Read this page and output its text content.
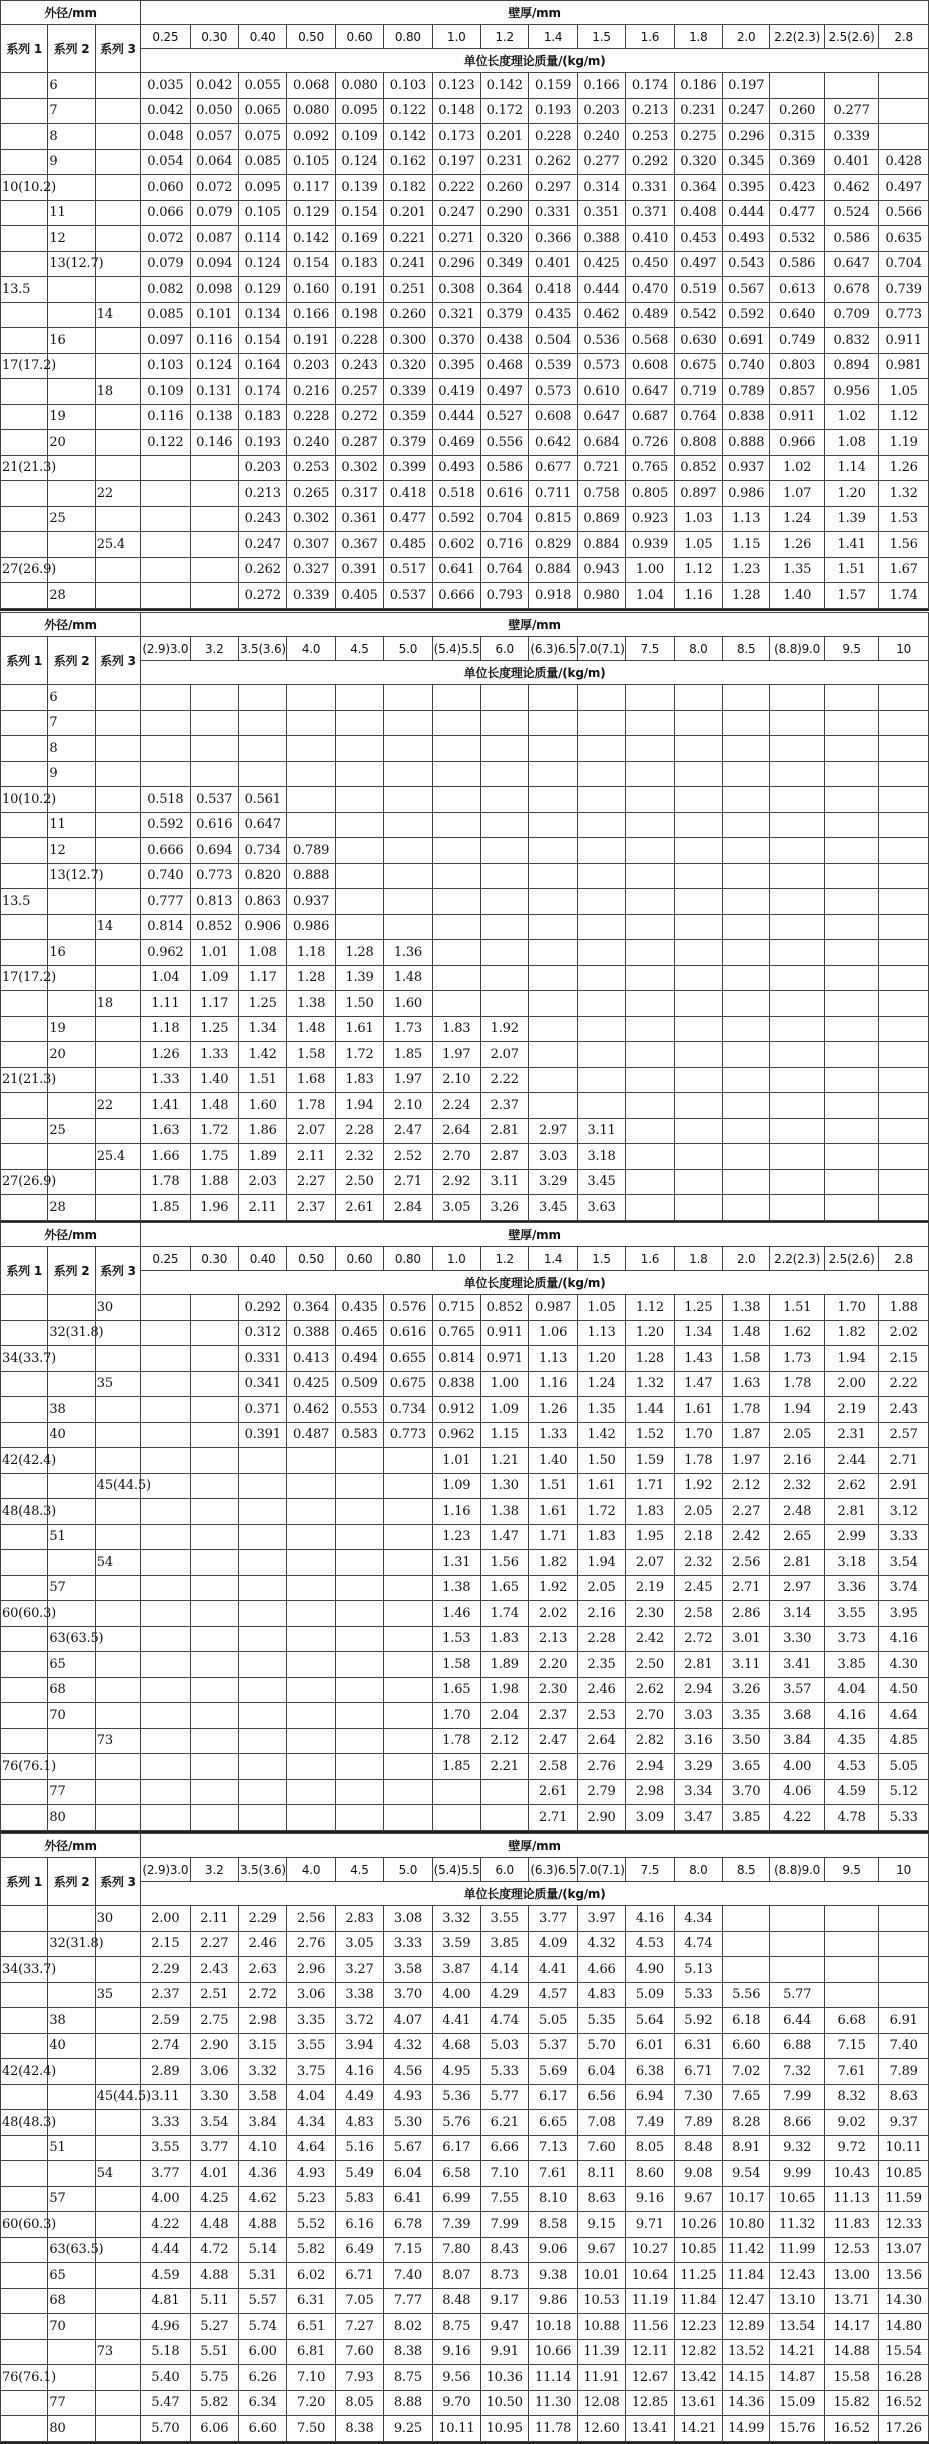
外径/mm			壁厚/mm															
系列 1	系列 2	系列 3	0.25	0.30	0.40	0.50	0.60	0.80	1.0	1.2	1.4	1.5	1.6	1.8	2.0	2.2(2.3)	2.5(2.6)	2.8
			单位长度理论质量/(kg/m)															
	6		0.035	0.042	0.055	0.068	0.080	0.103	0.123	0.142	0.159	0.166	0.174	0.186	0.197			
	7		0.042	0.050	0.065	0.080	0.095	0.122	0.148	0.172	0.193	0.203	0.213	0.231	0.247	0.260	0.277	
	8		0.048	0.057	0.075	0.092	0.109	0.142	0.173	0.201	0.228	0.240	0.253	0.275	0.296	0.315	0.339	
	9		0.054	0.064	0.085	0.105	0.124	0.162	0.197	0.231	0.262	0.277	0.292	0.320	0.345	0.369	0.401	0.428
10(10.2)			0.060	0.072	0.095	0.117	0.139	0.182	0.222	0.260	0.297	0.314	0.331	0.364	0.395	0.423	0.462	0.497
	11		0.066	0.079	0.105	0.129	0.154	0.201	0.247	0.290	0.331	0.351	0.371	0.408	0.444	0.477	0.524	0.566
	12		0.072	0.087	0.114	0.142	0.169	0.221	0.271	0.320	0.366	0.388	0.410	0.453	0.493	0.532	0.586	0.635
	13(12.7)		0.079	0.094	0.124	0.154	0.183	0.241	0.296	0.349	0.401	0.425	0.450	0.497	0.543	0.586	0.647	0.704
13.5			0.082	0.098	0.129	0.160	0.191	0.251	0.308	0.364	0.418	0.444	0.470	0.519	0.567	0.613	0.678	0.739
		14	0.085	0.101	0.134	0.166	0.198	0.260	0.321	0.379	0.435	0.462	0.489	0.542	0.592	0.640	0.709	0.773
	16		0.097	0.116	0.154	0.191	0.228	0.300	0.370	0.438	0.504	0.536	0.568	0.630	0.691	0.749	0.832	0.911
17(17.2)			0.103	0.124	0.164	0.203	0.243	0.320	0.395	0.468	0.539	0.573	0.608	0.675	0.740	0.803	0.894	0.981
		18	0.109	0.131	0.174	0.216	0.257	0.339	0.419	0.497	0.573	0.610	0.647	0.719	0.789	0.857	0.956	1.05
	19		0.116	0.138	0.183	0.228	0.272	0.359	0.444	0.527	0.608	0.647	0.687	0.764	0.838	0.911	1.02	1.12
	20		0.122	0.146	0.193	0.240	0.287	0.379	0.469	0.556	0.642	0.684	0.726	0.808	0.888	0.966	1.08	1.19
21(21.3)					0.203	0.253	0.302	0.399	0.493	0.586	0.677	0.721	0.765	0.852	0.937	1.02	1.14	1.26
		22			0.213	0.265	0.317	0.418	0.518	0.616	0.711	0.758	0.805	0.897	0.986	1.07	1.20	1.32
	25				0.243	0.302	0.361	0.477	0.592	0.704	0.815	0.869	0.923	1.03	1.13	1.24	1.39	1.53
		25.4			0.247	0.307	0.367	0.485	0.602	0.716	0.829	0.884	0.939	1.05	1.15	1.26	1.41	1.56
27(26.9)					0.262	0.327	0.391	0.517	0.641	0.764	0.884	0.943	1.00	1.12	1.23	1.35	1.51	1.67
	28				0.272	0.339	0.405	0.537	0.666	0.793	0.918	0.980	1.04	1.16	1.28	1.40	1.57	1.74
外径/mm			壁厚/mm															
系列 1	系列 2	系列 3	(2.9)3.0	3.2	3.5(3.6)	4.0	4.5	5.0	(5.4)5.5	6.0	(6.3)6.5	7.0(7.1)	7.5	8.0	8.5	(8.8)9.0	9.5	10
			单位长度理论质量/(kg/m)															
	6																	
	7																	
	8																	
	9																	
10(10.2)			0.518	0.537	0.561													
	11		0.592	0.616	0.647													
	12		0.666	0.694	0.734	0.789												
	13(12.7)		0.740	0.773	0.820	0.888												
13.5			0.777	0.813	0.863	0.937												
		14	0.814	0.852	0.906	0.986												
	16		0.962	1.01	1.08	1.18	1.28	1.36										
17(17.2)			1.04	1.09	1.17	1.28	1.39	1.48										
		18	1.11	1.17	1.25	1.38	1.50	1.60										
	19		1.18	1.25	1.34	1.48	1.61	1.73	1.83	1.92								
	20		1.26	1.33	1.42	1.58	1.72	1.85	1.97	2.07								
21(21.3)			1.33	1.40	1.51	1.68	1.83	1.97	2.10	2.22								
		22	1.41	1.48	1.60	1.78	1.94	2.10	2.24	2.37								
	25		1.63	1.72	1.86	2.07	2.28	2.47	2.64	2.81	2.97	3.11						
		25.4	1.66	1.75	1.89	2.11	2.32	2.52	2.70	2.87	3.03	3.18						
27(26.9)			1.78	1.88	2.03	2.27	2.50	2.71	2.92	3.11	3.29	3.45						
	28		1.85	1.96	2.11	2.37	2.61	2.84	3.05	3.26	3.45	3.63						
外径/mm			壁厚/mm															
系列 1	系列 2	系列 3	0.25	0.30	0.40	0.50	0.60	0.80	1.0	1.2	1.4	1.5	1.6	1.8	2.0	2.2(2.3)	2.5(2.6)	2.8
			单位长度理论质量/(kg/m)															
		30			0.292	0.364	0.435	0.576	0.715	0.852	0.987	1.05	1.12	1.25	1.38	1.51	1.70	1.88
	32(31.8)				0.312	0.388	0.465	0.616	0.765	0.911	1.06	1.13	1.20	1.34	1.48	1.62	1.82	2.02
34(33.7)					0.331	0.413	0.494	0.655	0.814	0.971	1.13	1.20	1.28	1.43	1.58	1.73	1.94	2.15
		35			0.341	0.425	0.509	0.675	0.838	1.00	1.16	1.24	1.32	1.47	1.63	1.78	2.00	2.22
	38				0.371	0.462	0.553	0.734	0.912	1.09	1.26	1.35	1.44	1.61	1.78	1.94	2.19	2.43
	40				0.391	0.487	0.583	0.773	0.962	1.15	1.33	1.42	1.52	1.70	1.87	2.05	2.31	2.57
42(42.4)									1.01	1.21	1.40	1.50	1.59	1.78	1.97	2.16	2.44	2.71
		45(44.5)							1.09	1.30	1.51	1.61	1.71	1.92	2.12	2.32	2.62	2.91
48(48.3)									1.16	1.38	1.61	1.72	1.83	2.05	2.27	2.48	2.81	3.12
	51								1.23	1.47	1.71	1.83	1.95	2.18	2.42	2.65	2.99	3.33
		54							1.31	1.56	1.82	1.94	2.07	2.32	2.56	2.81	3.18	3.54
	57								1.38	1.65	1.92	2.05	2.19	2.45	2.71	2.97	3.36	3.74
60(60.3)									1.46	1.74	2.02	2.16	2.30	2.58	2.86	3.14	3.55	3.95
	63(63.5)								1.53	1.83	2.13	2.28	2.42	2.72	3.01	3.30	3.73	4.16
	65								1.58	1.89	2.20	2.35	2.50	2.81	3.11	3.41	3.85	4.30
	68								1.65	1.98	2.30	2.46	2.62	2.94	3.26	3.57	4.04	4.50
	70								1.70	2.04	2.37	2.53	2.70	3.03	3.35	3.68	4.16	4.64
		73							1.78	2.12	2.47	2.64	2.82	3.16	3.50	3.84	4.35	4.85
76(76.1)									1.85	2.21	2.58	2.76	2.94	3.29	3.65	4.00	4.53	5.05
	77										2.61	2.79	2.98	3.34	3.70	4.06	4.59	5.12
	80										2.71	2.90	3.09	3.47	3.85	4.22	4.78	5.33
外径/mm			壁厚/mm															
系列 1	系列 2	系列 3	(2.9)3.0	3.2	3.5(3.6)	4.0	4.5	5.0	(5.4)5.5	6.0	(6.3)6.5	7.0(7.1)	7.5	8.0	8.5	(8.8)9.0	9.5	10
			单位长度理论质量/(kg/m)															
		30	2.00	2.11	2.29	2.56	2.83	3.08	3.32	3.55	3.77	3.97	4.16	4.34				
	32(31.8)		2.15	2.27	2.46	2.76	3.05	3.33	3.59	3.85	4.09	4.32	4.53	4.74				
34(33.7)			2.29	2.43	2.63	2.96	3.27	3.58	3.87	4.14	4.41	4.66	4.90	5.13				
		35	2.37	2.51	2.72	3.06	3.38	3.70	4.00	4.29	4.57	4.83	5.09	5.33	5.56	5.77		
	38		2.59	2.75	2.98	3.35	3.72	4.07	4.41	4.74	5.05	5.35	5.64	5.92	6.18	6.44	6.68	6.91
	40		2.74	2.90	3.15	3.55	3.94	4.32	4.68	5.03	5.37	5.70	6.01	6.31	6.60	6.88	7.15	7.40
42(42.4)			2.89	3.06	3.32	3.75	4.16	4.56	4.95	5.33	5.69	6.04	6.38	6.71	7.02	7.32	7.61	7.89
		45(44.5)	3.11	3.30	3.58	4.04	4.49	4.93	5.36	5.77	6.17	6.56	6.94	7.30	7.65	7.99	8.32	8.63
48(48.3)			3.33	3.54	3.84	4.34	4.83	5.30	5.76	6.21	6.65	7.08	7.49	7.89	8.28	8.66	9.02	9.37
	51		3.55	3.77	4.10	4.64	5.16	5.67	6.17	6.66	7.13	7.60	8.05	8.48	8.91	9.32	9.72	10.11
		54	3.77	4.01	4.36	4.93	5.49	6.04	6.58	7.10	7.61	8.11	8.60	9.08	9.54	9.99	10.43	10.85
	57		4.00	4.25	4.62	5.23	5.83	6.41	6.99	7.55	8.10	8.63	9.16	9.67	10.17	10.65	11.13	11.59
60(60.3)			4.22	4.48	4.88	5.52	6.16	6.78	7.39	7.99	8.58	9.15	9.71	10.26	10.80	11.32	11.83	12.33
	63(63.5)		4.44	4.72	5.14	5.82	6.49	7.15	7.80	8.43	9.06	9.67	10.27	10.85	11.42	11.99	12.53	13.07
	65		4.59	4.88	5.31	6.02	6.71	7.40	8.07	8.73	9.38	10.01	10.64	11.25	11.84	12.43	13.00	13.56
	68		4.81	5.11	5.57	6.31	7.05	7.77	8.48	9.17	9.86	10.53	11.19	11.84	12.47	13.10	13.71	14.30
	70		4.96	5.27	5.74	6.51	7.27	8.02	8.75	9.47	10.18	10.88	11.56	12.23	12.89	13.54	14.17	14.80
		73	5.18	5.51	6.00	6.81	7.60	8.38	9.16	9.91	10.66	11.39	12.11	12.82	13.52	14.21	14.88	15.54
76(76.1)			5.40	5.75	6.26	7.10	7.93	8.75	9.56	10.36	11.14	11.91	12.67	13.42	14.15	14.87	15.58	16.28
	77		5.47	5.82	6.34	7.20	8.05	8.88	9.70	10.50	11.30	12.08	12.85	13.61	14.36	15.09	15.82	16.52
	80		5.70	6.06	6.60	7.50	8.38	9.25	10.11	10.95	11.78	12.60	13.41	14.21	14.99	15.76	16.52	17.26
